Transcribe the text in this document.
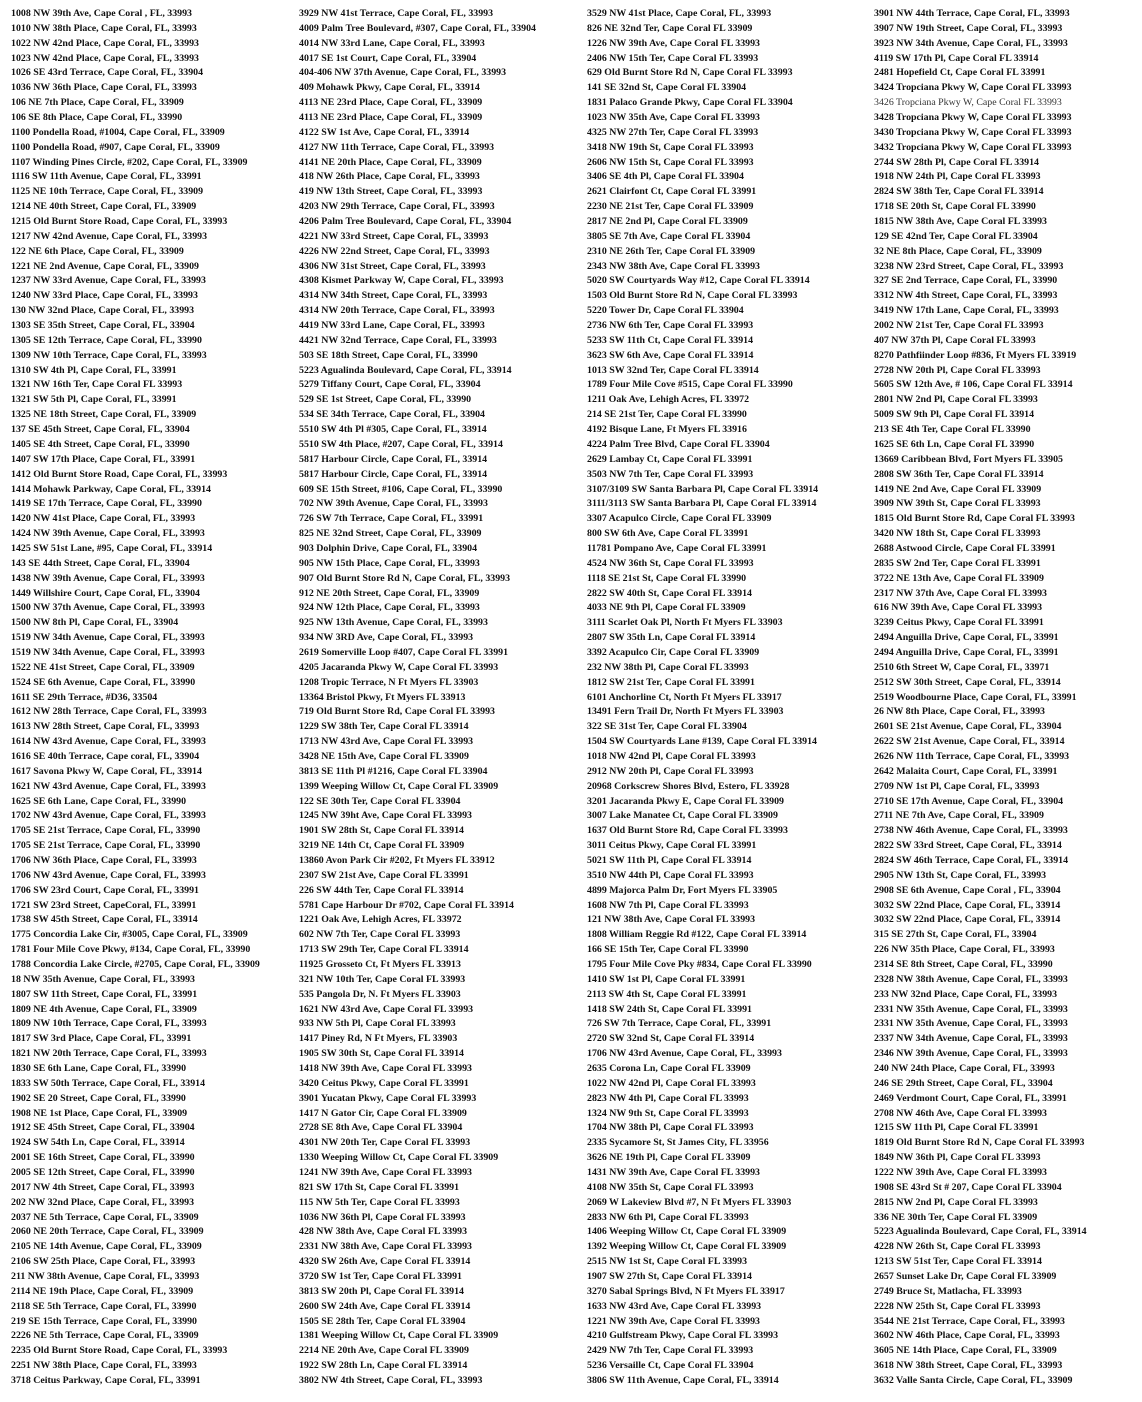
1008 NW 39th Ave, Cape Coral , FL, 33993
1010 NW 38th Place, Cape Coral, FL, 33993
1022 NW 42nd Place, Cape Coral, FL, 33993
1023 NW 42nd Place, Cape Coral, FL, 33993
1026 SE 43rd Terrace, Cape Coral, FL, 33904
1036 NW 36th Place, Cape Coral, FL, 33993
106 NE 7th Place, Cape Coral, FL, 33909
106 SE 8th Place, Cape Coral, FL, 33990
1100 Pondella Road, #1004, Cape Coral, FL, 33909
1100 Pondella Road, #907, Cape Coral, FL, 33909
1107 Winding Pines Circle, #202, Cape Coral, FL, 33909
1116 SW 11th Avenue, Cape Coral, FL, 33991
1125 NE 10th Terrace, Cape Coral, FL, 33909
1214 NE 40th Street, Cape Coral, FL, 33909
1215 Old Burnt Store Road, Cape Coral, FL, 33993
1217 NW 42nd Avenue, Cape Coral, FL, 33993
122 NE 6th Place, Cape Coral, FL, 33909
1221 NE 2nd Avenue, Cape Coral, FL, 33909
1237 NW 33rd Avenue, Cape Coral, FL, 33993
1240 NW 33rd Place, Cape Coral, FL, 33993
130 NW 32nd Place, Cape Coral, FL, 33993
1303 SE 35th Street, Cape Coral, FL, 33904
1305 SE 12th Terrace, Cape Coral, FL, 33990
1309 NW 10th Terrace, Cape Coral, FL, 33993
1310 SW 4th Pl, Cape Coral, FL, 33991
1321 NW 16th Ter, Cape Coral FL 33993
1321 SW 5th Pl, Cape Coral, FL, 33991
1325 NE 18th Street, Cape Coral, FL, 33909
137 SE 45th Street, Cape Coral, FL, 33904
1405 SE 4th Street, Cape Coral, FL, 33990
1407 SW 17th Place, Cape Coral, FL, 33991
1412 Old Burnt Store Road, Cape Coral, FL, 33993
1414 Mohawk Parkway, Cape Coral, FL, 33914
1419 SE 17th Terrace, Cape Coral, FL, 33990
1420 NW 41st Place, Cape Coral, FL, 33993
1424 NW 39th Avenue, Cape Coral, FL, 33993
1425 SW 51st Lane, #95, Cape Coral, FL, 33914
143 SE 44th Street, Cape Coral, FL, 33904
1438 NW 39th Avenue, Cape Coral, FL, 33993
1449 Willshire Court, Cape Coral, FL, 33904
1500 NW 37th Avenue, Cape Coral, FL, 33993
1500 NW 8th Pl, Cape Coral, FL, 33904
1519 NW 34th Avenue, Cape Coral, FL, 33993
1519 NW 34th Avenue, Cape Coral, FL, 33993
1522 NE 41st Street, Cape Coral, FL, 33909
1524 SE 6th Avenue, Cape Coral, FL, 33990
1611 SE 29th Terrace, #D36, 33504
1612 NW 28th Terrace, Cape Coral, FL, 33993
1613 NW 28th Street, Cape Coral, FL, 33993
1614 NW 43rd Avenue, Cape Coral, FL, 33993
1616 SE 40th Terrace, Cape coral, FL, 33904
1617 Savona Pkwy W, Cape Coral, FL, 33914
1621 NW 43rd Avenue, Cape Coral, FL, 33993
1625 SE 6th Lane, Cape Coral, FL, 33990
1702 NW 43rd Avenue, Cape Coral, FL, 33993
1705 SE 21st Terrace, Cape Coral, FL, 33990
1705 SE 21st Terrace, Cape Coral, FL, 33990
1706 NW 36th Place, Cape Coral, FL, 33993
1706 NW 43rd Avenue, Cape Coral, FL, 33993
1706 SW 23rd Court, Cape Coral, FL, 33991
1721 SW 23rd Street, CapeCoral, FL, 33991
1738 SW 45th Street, Cape Coral, FL, 33914
1775 Concordia Lake Cir, #3005, Cape Coral, FL, 33909
1781 Four Mile Cove Pkwy, #134, Cape Coral, FL, 33990
1788 Concordia Lake Circle, #2705, Cape Coral, FL, 33909
18 NW 35th Avenue, Cape Coral, FL, 33993
1807 SW 11th Street, Cape Coral, FL, 33991
1809 NE 4th Avenue, Cape Coral, FL, 33909
1809 NW 10th Terrace, Cape Coral, FL, 33993
1817 SW 3rd Place, Cape Coral, FL, 33991
1821 NW 20th Terrace, Cape Coral, FL, 33993
1830 SE 6th Lane, Cape Coral, FL, 33990
1833 SW 50th Terrace, Cape Coral, FL, 33914
1902 SE 20 Street, Cape Coral, FL, 33990
1908 NE 1st Place, Cape Coral, FL, 33909
1912 SE 45th Street, Cape Coral, FL, 33904
1924 SW 54th Ln, Cape Coral, FL, 33914
2001 SE 16th Street, Cape Coral, FL, 33990
2005 SE 12th Street, Cape Coral, FL, 33990
2017 NW 4th Street, Cape Coral, FL, 33993
202 NW 32nd Place, Cape Coral, FL, 33993
2037 NE 5th Terrace, Cape Coral, FL, 33909
2060 NE 20th Terrace, Cape Coral, FL, 33909
2105 NE 14th Avenue, Cape Coral, FL, 33909
2106 SW 25th Place, Cape Coral, FL, 33993
211 NW 38th Avenue, Cape Coral, FL, 33993
2114 NE 19th Place, Cape Coral, FL, 33909
2118 SE 5th Terrace, Cape Coral, FL, 33990
219 SE 15th Terrace, Cape Coral, FL, 33990
2226 NE 5th Terrace, Cape Coral, FL, 33909
2235 Old Burnt Store Road, Cape Coral, FL, 33993
2251 NW 38th Place, Cape Coral, FL, 33993
3718 Ceitus Parkway, Cape Coral, FL, 33991
3929 NW 41st Terrace, Cape Coral, FL, 33993
4009 Palm Tree Boulevard, #307, Cape Coral, FL, 33904
4014 NW 33rd Lane, Cape Coral, FL, 33993
4017 SE 1st Court, Cape Coral, FL, 33904
404-406 NW 37th Avenue, Cape Coral, FL, 33993
409 Mohawk Pkwy, Cape Coral, FL, 33914
4113 NE 23rd Place, Cape Coral, FL, 33909
4113 NE 23rd Place, Cape Coral, FL, 33909
4122 SW 1st Ave, Cape Coral, FL, 33914
4127 NW 11th Terrace, Cape Coral, FL, 33993
4141 NE 20th Place, Cape Coral, FL, 33909
418 NW 26th Place, Cape Coral, FL, 33993
419 NW 13th Street, Cape Coral, FL, 33993
4203 NW 29th Terrace, Cape Coral, FL, 33993
4206 Palm Tree Boulevard, Cape Coral, FL, 33904
4221 NW 33rd Street, Cape Coral, FL, 33993
4226 NW 22nd Street, Cape Coral, FL, 33993
4306 NW 31st Street, Cape Coral, FL, 33993
4308 Kismet Parkway W, Cape Coral, FL, 33993
4314 NW 34th Street, Cape Coral, FL, 33993
4314 NW 20th Terrace, Cape Coral, FL, 33993
4419 NW 33rd Lane, Cape Coral, FL, 33993
4421 NW 32nd Terrace, Cape Coral, FL, 33993
503 SE 18th Street, Cape Coral, FL, 33990
5223 Agualinda Boulevard, Cape Coral, FL, 33914
5279 Tiffany Court, Cape Coral, FL, 33904
529 SE 1st Street, Cape Coral, FL, 33990
534 SE 34th Terrace, Cape Coral, FL, 33904
5510 SW 4th Pl #305, Cape Coral, FL, 33914
5510 SW 4th Place, #207, Cape Coral, FL, 33914
5817 Harbour Circle, Cape Coral, FL, 33914
5817 Harbour Circle, Cape Coral, FL, 33914
609 SE 15th Street, #106, Cape Coral, FL, 33990
702 NW 39th Avenue, Cape Coral, FL, 33993
726 SW 7th Terrace, Cape Coral, FL, 33991
825 NE 32nd Street, Cape Coral, FL, 33909
903 Dolphin Drive, Cape Coral, FL, 33904
905 NW 15th Place, Cape Coral, FL, 33993
907 Old Burnt Store Rd N, Cape Coral, FL, 33993
912 NE 20th Street, Cape Coral, FL, 33909
924 NW 12th Place, Cape Coral, FL, 33993
925 NW 13th Avenue, Cape Coral, FL, 33993
934 NW 3RD Ave, Cape Coral, FL, 33993
2619 Somerville Loop #407, Cape Coral FL 33991
4205 Jacaranda Pkwy W, Cape Coral FL 33993
1208 Tropic Terrace, N Ft Myers FL 33903
13364 Bristol Pkwy, Ft Myers FL 33913
719 Old Burnt Store Rd, Cape Coral FL 33993
1229 SW 38th Ter, Cape Coral FL 33914
1713 NW 43rd Ave, Cape Coral FL 33993
3428 NE 15th Ave, Cape Coral FL 33909
3813 SE 11th Pl #1216, Cape Coral FL 33904
1399 Weeping Willow Ct, Cape Coral FL 33909
122 SE 30th Ter, Cape Coral FL 33904
1245 NW 39ht Ave, Cape Coral FL 33993
1901 SW 28th St, Cape Coral FL 33914
3219 NE 14th Ct, Cape Coral FL 33909
13860 Avon Park Cir #202, Ft Myers FL 33912
2307 SW 21st Ave, Cape Coral FL 33991
226 SW 44th Ter, Cape Coral FL 33914
5781 Cape Harbour Dr #702, Cape Coral FL 33914
1221 Oak Ave, Lehigh Acres, FL 33972
602 NW 7th Ter, Cape Coral FL 33993
1713 SW 29th Ter, Cape Coral FL 33914
11925 Grosseto Ct, Ft Myers FL 33913
321 NW 10th Ter, Cape Coral FL 33993
535 Pangola Dr, N. Ft Myers FL 33903
1621 NW 43rd Ave, Cape Coral FL 33993
933 NW 5th Pl, Cape Coral FL 33993
1417 Piney Rd, N Ft Myers, FL 33903
1905 SW 30th St, Cape Coral FL 33914
1418 NW 39th Ave, Cape Coral FL 33993
3420 Ceitus Pkwy, Cape Coral FL 33991
3901 Yucatan Pkwy, Cape Coral FL 33993
1417 N Gator Cir, Cape Coral FL 33909
2728 SE 8th Ave, Cape Coral FL 33904
4301 NW 20th Ter, Cape Coral FL 33993
1330 Weeping Willow Ct, Cape Coral FL 33909
1241 NW 39th Ave, Cape Coral FL 33993
821 SW 17th St, Cape Coral FL 33991
115 NW 5th Ter, Cape Coral FL 33993
1036 NW 36th Pl, Cape Coral FL 33993
428 NW 38th Ave, Cape Coral FL 33993
2331 NW 38th Ave, Cape Coral FL 33993
4320 SW 26th Ave, Cape Coral FL 33914
3720 SW 1st Ter, Cape Coral FL 33991
3813 SW 20th Pl, Cape Coral FL 33914
2600 SW 24th Ave, Cape Coral FL 33914
1505 SE 28th Ter, Cape Coral FL 33904
1381 Weeping Willow Ct, Cape Coral FL 33909
2214 NE 20th Ave, Cape Coral FL 33909
1922 SW 28th Ln, Cape Coral FL 33914
3802 NW 4th Street, Cape Coral, FL, 33993
3529 NW 41st Place, Cape Coral, FL, 33993
826 NE 32nd Ter, Cape Coral FL 33909
1226 NW 39th Ave, Cape Coral FL 33993
2406 NW 15th Ter, Cape Coral FL 33993
629 Old Burnt Store Rd N, Cape Coral FL 33993
141 SE 32nd St, Cape Coral FL 33904
1831 Palaco Grande Pkwy, Cape Coral FL 33904
1023 NW 35th Ave, Cape Coral FL 33993
4325 NW 27th Ter, Cape Coral FL 33993
3418 NW 19th St, Cape Coral FL 33993
2606 NW 15th St, Cape Coral FL 33993
3406 SE 4th Pl, Cape Coral FL 33904
2621 Clairfont Ct, Cape Coral FL 33991
2230 NE 21st Ter, Cape Coral FL 33909
2817 NE 2nd Pl, Cape Coral FL 33909
3805 SE 7th Ave, Cape Coral FL 33904
2310 NE 26th Ter, Cape Coral FL 33909
2343 NW 38th Ave, Cape Coral FL 33993
5020 SW Courtyards Way #12, Cape Coral FL 33914
1503 Old Burnt Store Rd N, Cape Coral FL 33993
5220 Tower Dr, Cape Coral FL 33904
2736 NW 6th Ter, Cape Coral FL 33993
5233 SW 11th Ct, Cape Coral FL 33914
3623 SW 6th Ave, Cape Coral FL 33914
1013 SW 32nd Ter, Cape Coral FL 33914
1789 Four Mile Cove #515, Cape Coral FL 33990
1211 Oak Ave, Lehigh Acres, FL 33972
214 SE 21st Ter, Cape Coral FL 33990
4192 Bisque Lane, Ft Myers FL 33916
4224 Palm Tree Blvd, Cape Coral FL 33904
2629 Lambay Ct, Cape Coral FL 33991
3503 NW 7th Ter, Cape Coral FL 33993
3107/3109 SW Santa Barbara Pl, Cape Coral FL 33914
3111/3113 SW Santa Barbara Pl, Cape Coral FL 33914
3307 Acapulco Circle, Cape Coral FL 33909
800 SW 6th Ave, Cape Coral FL 33991
11781 Pompano Ave, Cape Coral FL 33991
4524 NW 36th St, Cape Coral FL 33993
1118 SE 21st St, Cape Coral FL 33990
2822 SW 40th St, Cape Coral FL 33914
4033 NE 9th Pl, Cape Coral FL 33909
3111 Scarlet Oak Pl, North Ft Myers FL 33903
2807 SW 35th Ln, Cape Coral FL 33914
3392 Acapulco Cir, Cape Coral FL 33909
232 NW 38th Pl, Cape Coral FL 33993
1812 SW 21st Ter, Cape Coral FL 33991
6101 Anchorline Ct, North Ft Myers FL 33917
13491 Fern Trail Dr, North Ft Myers FL 33903
322 SE 31st Ter, Cape Coral FL 33904
1504 SW Courtyards Lane #139, Cape Coral FL 33914
1018 NW 42nd Pl, Cape Coral FL 33993
2912 NW 20th Pl, Cape Coral FL 33993
20968 Corkscrew Shores Blvd, Estero, FL 33928
3201 Jacaranda Pkwy E, Cape Coral FL 33909
3007 Lake Manatee Ct, Cape Coral FL 33909
1637 Old Burnt Store Rd, Cape Coral FL 33993
3011 Ceitus Pkwy, Cape Coral FL 33991
5021 SW 11th Pl, Cape Coral FL 33914
3510 NW 44th Pl, Cape Coral FL 33993
4899 Majorca Palm Dr, Fort Myers FL 33905
1608 NW 7th Pl, Cape Coral FL 33993
121 NW 38th Ave, Cape Coral FL 33993
1808 William Reggie Rd #122, Cape Coral FL 33914
166 SE 15th Ter, Cape Coral FL 33990
1795 Four Mile Cove Pky #834, Cape Coral FL 33990
1410 SW 1st Pl, Cape Coral FL 33991
2113 SW 4th St, Cape Coral FL 33991
1418 SW 24th St, Cape Coral FL 33991
726 SW 7th Terrace, Cape Coral, FL, 33991
2720 SW 32nd St, Cape Coral FL 33914
1706 NW 43rd Avenue, Cape Coral, FL, 33993
2635 Corona Ln, Cape Coral FL 33909
1022 NW 42nd Pl, Cape Coral FL 33993
2823 NW 4th Pl, Cape Coral FL 33993
1324 NW 9th St, Cape Coral FL 33993
1704 NW 38th Pl, Cape Coral FL 33993
2335 Sycamore St, St James City, FL 33956
3626 NE 19th Pl, Cape Coral FL 33909
1431 NW 39th Ave, Cape Coral FL 33993
4108 NW 35th St, Cape Coral FL 33993
2069 W Lakeview Blvd #7, N Ft Myers FL 33903
2833 NW 6th Pl, Cape Coral FL 33993
1406 Weeping Willow Ct, Cape Coral FL 33909
1392 Weeping Willow Ct, Cape Coral FL 33909
2515 NW 1st St, Cape Coral FL 33993
1907 SW 27th St, Cape Coral FL 33914
3270 Sabal Springs Blvd, N Ft Myers FL 33917
1633 NW 43rd Ave, Cape Coral FL 33993
1221 NW 39th Ave, Cape Coral FL 33993
4210 Gulfstream Pkwy, Cape Coral FL 33993
2429 NW 7th Ter, Cape Coral FL 33993
5236 Versaille Ct, Cape Coral FL 33904
3806 SW 11th Avenue, Cape Coral, FL, 33914
3901 NW 44th Terrace, Cape Coral, FL, 33993
3907 NW 19th Street, Cape Coral, FL, 33993
3923 NW 34th Avenue, Cape Coral, FL, 33993
4119 SW 17th Pl, Cape Coral FL 33914
2481 Hopefield Ct, Cape Coral FL 33991
3424 Tropciana Pkwy W, Cape Coral FL 33993
3426 Tropciana Pkwy W, Cape Coral FL 33993
3428 Tropciana Pkwy W, Cape Coral FL 33993
3430 Tropciana Pkwy W, Cape Coral FL 33993
3432 Tropciana Pkwy W, Cape Coral FL 33993
2744 SW 28th Pl, Cape Coral FL 33914
1918 NW 24th Pl, Cape Coral FL 33993
2824 SW 38th Ter, Cape Coral FL 33914
1718 SE 20th St, Cape Coral FL 33990
1815 NW 38th Ave, Cape Coral FL 33993
129 SE 42nd Ter, Cape Coral FL 33904
32 NE 8th Place, Cape Coral, FL, 33909
3238 NW 23rd Street, Cape Coral, FL, 33993
327 SE 2nd Terrace, Cape Coral, FL, 33990
3312 NW 4th Street, Cape Coral, FL, 33993
3419 NW 17th Lane, Cape Coral, FL, 33993
2002 NW 21st Ter, Cape Coral FL 33993
407 NW 37th Pl, Cape Coral FL 33993
8270 Pathfiinder Loop #836, Ft Myers FL 33919
2728 NW 20th Pl, Cape Coral FL 33993
5605 SW 12th Ave, # 106, Cape Coral FL 33914
2801 NW 2nd Pl, Cape Coral FL 33993
5009 SW 9th Pl, Cape Coral FL 33914
213 SE 4th Ter, Cape Coral FL 33990
1625 SE 6th Ln, Cape Coral FL 33990
13669 Caribbean Blvd, Fort Myers FL 33905
2808 SW 36th Ter, Cape Coral FL 33914
1419 NE 2nd Ave, Cape Coral FL 33909
3909 NW 39th St, Cape Coral FL 33993
1815 Old Burnt Store Rd, Cape Coral FL 33993
3420 NW 18th St, Cape Coral FL 33993
2688 Astwood Circle, Cape Coral FL 33991
2835 SW 2nd Ter, Cape Coral FL 33991
3722 NE 13th Ave, Cape Coral FL 33909
2317 NW 37th Ave, Cape Coral FL 33993
616 NW 39th Ave, Cape Coral FL 33993
3239 Ceitus Pkwy, Cape Coral FL 33991
2494 Anguilla Drive, Cape Coral, FL, 33991
2494 Anguilla Drive, Cape Coral, FL, 33991
2510 6th Street W, Cape Coral, FL, 33971
2512 SW 30th Street, Cape Coral, FL, 33914
2519 Woodbourne Place, Cape Coral, FL, 33991
26 NW 8th Place, Cape Coral, FL, 33993
2601 SE 21st Avenue, Cape Coral, FL, 33904
2622 SW 21st Avenue, Cape Coral, FL, 33914
2626 NW 11th Terrace, Cape Coral, FL, 33993
2642 Malaita Court, Cape Coral, FL, 33991
2709 NW 1st Pl, Cape Coral, FL, 33993
2710 SE 17th Avenue, Cape Coral, FL, 33904
2711 NE 7th Ave, Cape Coral, FL, 33909
2738 NW 46th Avenue, Cape Coral, FL, 33993
2822 SW 33rd Street, Cape Coral, FL, 33914
2824 SW 46th Terrace, Cape Coral, FL, 33914
2905 NW 13th St, Cape Coral, FL, 33993
2908 SE 6th Avenue, Cape Coral , FL, 33904
3032 SW 22nd Place, Cape Coral, FL, 33914
3032 SW 22nd Place, Cape Coral, FL, 33914
315 SE 27th St, Cape Coral, FL, 33904
226 NW 35th Place, Cape Coral, FL, 33993
2314 SE 8th Street, Cape Coral, FL, 33990
2328 NW 38th Avenue, Cape Coral, FL, 33993
233 NW 32nd Place, Cape Coral, FL, 33993
2331 NW 35th Avenue, Cape Coral, FL, 33993
2331 NW 35th Avenue, Cape Coral, FL, 33993
2337 NW 34th Avenue, Cape Coral, FL, 33993
2346 NW 39th Avenue, Cape Coral, FL, 33993
240 NW 24th Place, Cape Coral, FL, 33993
246 SE 29th Street, Cape Coral, FL, 33904
2469 Verdmont Court, Cape Coral, FL, 33991
2708 NW 46th Ave, Cape Coral FL 33993
1215 SW 11th Pl, Cape Coral FL 33991
1819 Old Burnt Store Rd N, Cape Coral FL 33993
1849 NW 36th Pl, Cape Coral FL 33993
1222 NW 39th Ave, Cape Coral FL 33993
1908 SE 43rd St # 207, Cape Coral FL 33904
2815 NW 2nd Pl, Cape Coral FL 33993
336 NE 30th Ter, Cape Coral FL 33909
5223 Agualinda Boulevard, Cape Coral, FL, 33914
4228 NW 26th St, Cape Coral FL 33993
1213 SW 51st Ter, Cape Coral FL 33914
2657 Sunset Lake Dr, Cape Coral FL 33909
2749 Bruce St, Matlacha, FL 33993
2228 NW 25th St, Cape Coral FL 33993
3544 NE 21st Terrace, Cape Coral, FL, 33993
3602 NW 46th Place, Cape Coral, FL, 33993
3605 NE 14th Place, Cape Coral, FL, 33909
3618 NW 38th Street, Cape Coral, FL, 33993
3632 Valle Santa Circle, Cape Coral, FL, 33909
